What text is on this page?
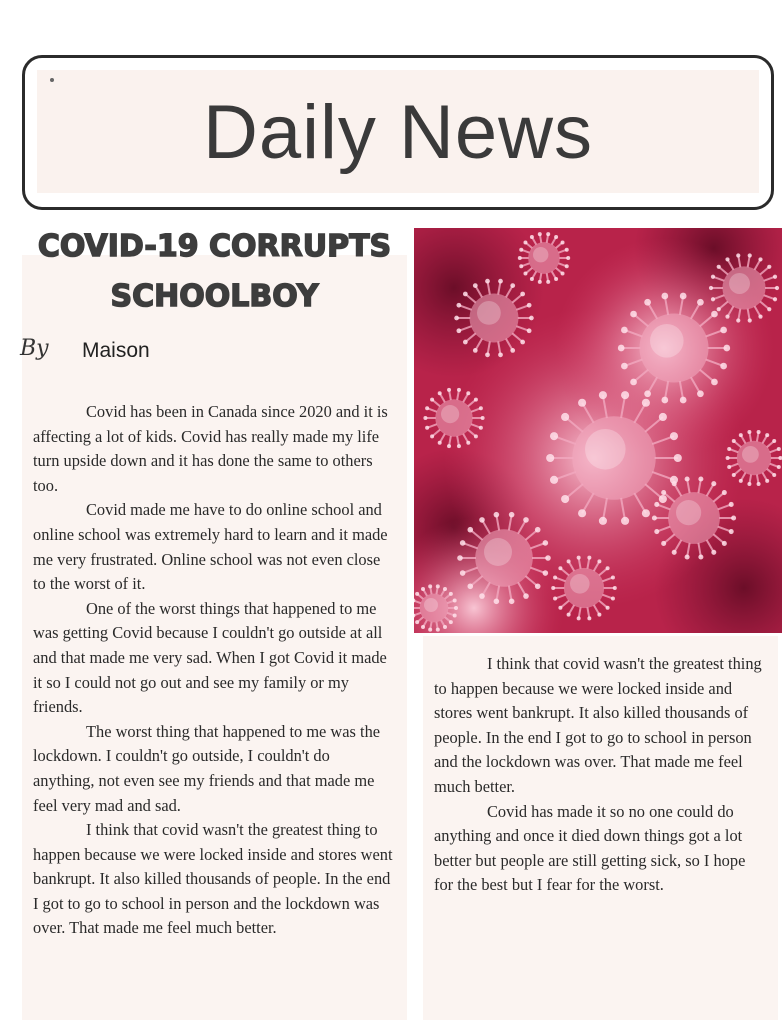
Daily News
COVID-19 CORRUPTS
SCHOOLBOY
By Maison

Covid has been in Canada since 2020 and it is affecting a lot of kids. Covid has really made my life turn upside down and it has done the same to others too.

Covid made me have to do online school and online school was extremely hard to learn and it made me very frustrated. Online school was not even close to the worst of it.

One of the worst things that happened to me was getting Covid because I couldn't go outside at all and that made me very sad. When I got Covid it made it so I could not go out and see my family or my friends.

The worst thing that happened to me was the lockdown. I couldn't go outside, I couldn't do anything, not even see my friends and that made me feel very mad and sad.

I think that covid wasn't the greatest thing to happen because we were locked inside and stores went bankrupt. It also killed thousands of people. In the end I got to go to school in person and the lockdown was over. That made me feel much better.

I think that covid wasn't the greatest thing to happen because we were locked inside and stores went bankrupt. It also killed thousands of people. In the end I got to go to school in person and the lockdown was over. That made me feel much better.

Covid has made it so no one could do anything and once it died down things got a lot better but people are still getting sick, so I hope for the best but I fear for the worst.
